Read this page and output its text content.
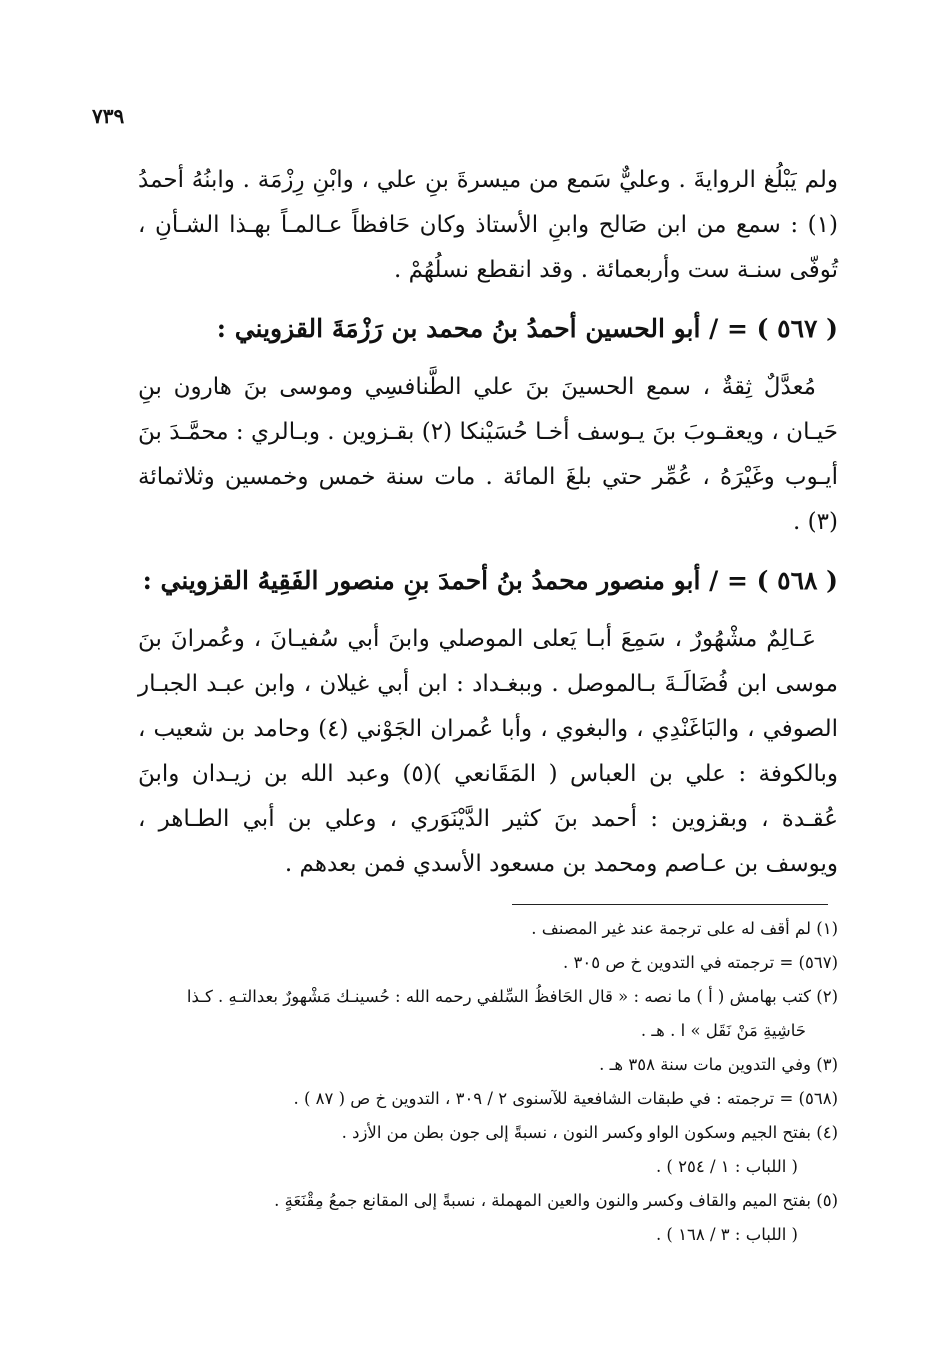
٧٣٩

ولم يَبْلُغ الروايةَ . وعليٌّ سَمع من ميسرةَ بنِ علي ، وابْنِ رِزْمَة . وابنُهُ أحمدُ (١) : سمع من ابن صَالح وابنِ الأستاذ وكان حَافظاً عـالمـاً بهـذا الشـأنِ ، تُوفّى سنـة ست وأربعمائة . وقد انقطع نسلُهُمْ .

( ٥٦٧ ) = / أبو الحسين أحمدُ بنُ محمد بن رَزْمَةَ القزويني :

مُعدَّلٌ ثِقةٌ ، سمع الحسينَ بنَ علي الطَّنافسِي وموسى بنَ هارون بنِ حَيـان ، ويعقـوبَ بنَ يـوسف أخـا حُسَيْنكا (٢) بقـزوين . وبـالري : محمَّـدَ بنَ أيـوب وغَيْرَهُ ، عُمِّر حتي بلغَ المائة . مات سنة خمس وخمسين وثلاثمائة (٣) .

( ٥٦٨ ) = / أبو منصور محمدُ بنُ أحمدَ بنِ منصور الفَقِيهُ القزويني :

عَـالِمٌ مشْهُورٌ ، سَمِعَ أبـا يَعلى الموصلي وابنَ أبي سُفيـانَ ، وعُمرانَ بنَ موسى ابن فُضَالَـةَ بـالموصل . وببغـداد : ابن أبي غيلان ، وابن عبـد الجبـار الصوفي ، والبَاغَنْدِي ، والبغوي ، وأبا عُمران الجَوْني (٤) وحامد بن شعيب ، وبالكوفة : علي بن العباس ( المَقَانعي )(٥) وعبد الله بن زيـدان وابنَ عُقـدة ، وبقزوين : أحمد بنَ كثير الدَّيْنَوَري ، وعلي بن أبي الطـاهر ، ويوسف بن عـاصم ومحمد بن مسعود الأسدي فمن بعدهم .

(١) لم أقف له على ترجمة عند غير المصنف .

(٥٦٧) = ترجمته في التدوين خ ص ٣٠٥ .

(٢) كتب بهامش ( أ ) ما نصه : « قال الحَافظُ السِّلفي رحمه الله : حُسينـك مَشْهورٌ بعدالتـهِ . كـذا

حَاشِيةِ مَنْ نَقَل » ا . هـ .

(٣) وفي التدوين مات سنة ٣٥٨ هـ .

(٥٦٨) = ترجمته : في طبقات الشافعية للآسنوى ٢ / ٣٠٩ ، التدوين خ ص ( ٨٧ ) .

(٤) بفتح الجيم وسكون الواو وكسر النون ، نسبةً إلى جون بطن من الأزد .

( اللباب : ١ / ٢٥٤ ) .

(٥) بفتح الميم والقاف وكسر والنون والعين المهملة ، نسبةً إلى المقانع جمعُ مِقْنَعَةٍ .

( اللباب : ٣ / ١٦٨ ) .
